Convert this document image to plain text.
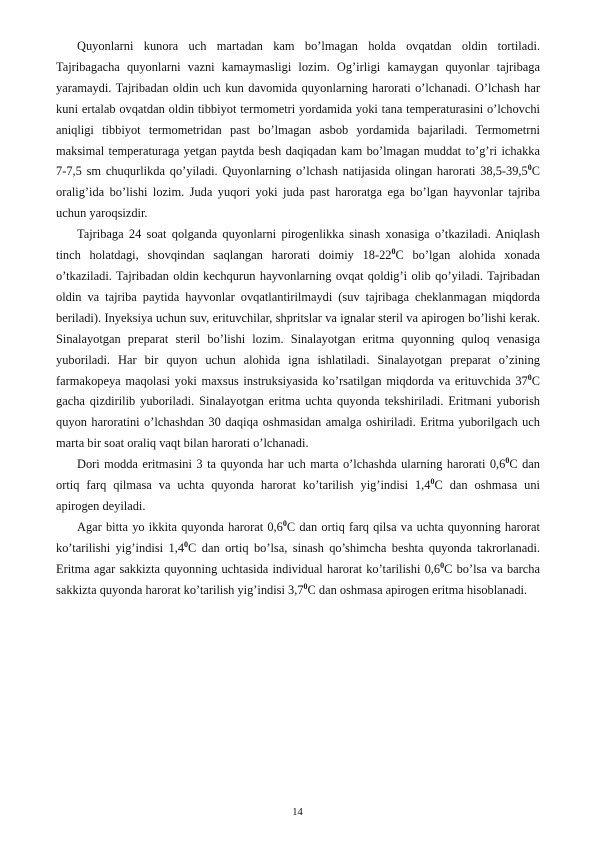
Quyonlarni kunora uch martadan kam bo’lmagan holda ovqatdan oldin tortiladi. Tajribagacha quyonlarni vazni kamaymasligi lozim. Og’irligi kamaygan quyonlar tajribaga yaramaydi. Tajribadan oldin uch kun davomida quyonlarning harorati o’lchanadi. O’lchash har kuni ertalab ovqatdan oldin tibbiyot termometri yordamida yoki tana temperaturasini o’lchovchi aniqligi tibbiyot termometridan past bo’lmagan asbob yordamida bajariladi. Termometrni maksimal temperaturaga yetgan paytda besh daqiqadan kam bo’lmagan muddat to’g’ri ichakka 7-7,5 sm chuqurlikda qo’yiladi. Quyonlarning o’lchash natijasida olingan harorati 38,5-39,5$^0$C oralig’ida bo’lishi lozim. Juda yuqori yoki juda past haroratga ega bo’lgan hayvonlar tajriba uchun yaroqsizdir.

Tajribaga 24 soat qolganda quyonlarni pirogenlikka sinash xonasiga o’tkaziladi. Aniqlash tinch holatdagi, shovqindan saqlangan harorati doimiy $18-22^0C$ bo’lgan alohida xonada o’tkaziladi. Tajribadan oldin kechqurun hayvonlarning ovqat qoldig’i olib qo’yiladi. Tajribadan oldin va tajriba paytida hayvonlar ovqatlantirilmaydi (suv tajribaga cheklanmagan miqdorda beriladi). Inyeksiya uchun suv, erituvchilar, shpritslar va ignalar steril va apirogen bo’lishi kerak. Sinalayotgan preparat steril bo’lishi lozim. Sinalayotgan eritma quyonning quloq venasiga yuboriladi. Har bir quyon uchun alohida igna ishlatiladi. Sinalayotgan preparat o’zining farmakopeya maqolasi yoki maxsus instruksiyasida ko’rsatilgan miqdorda va erituvchida $37^0C$ gacha qizdirilib yuboriladi. Sinalayotgan eritma uchta quyonda tekshiriladi. Eritmani yuborish quyon haroratini o’lchashdan 30 daqiqa oshmasidan amalga oshiriladi. Eritma yuborilgach uch marta bir soat oraliq vaqt bilan harorati o’lchanadi.

Dori modda eritmasini 3 ta quyonda har uch marta o’lchashda ularning harorati $0,6^0C$ dan ortiq farq qilmasa va uchta quyonda harorat ko’tarilish yig’indisi $1,4^0C$ dan oshmasa uni apirogen deyiladi.

Agar bitta yo ikkita quyonda harorat $0,6^0C$ dan ortiq farq qilsa va uchta quyonning harorat ko’tarilishi yig’indisi $1,4^0C$ dan ortiq bo’lsa, sinash qo’shimcha beshta quyonda takrorlanadi. Eritma agar sakkizta quyonning uchtasida individual harorat ko’tarilishi $0,6^0C$ bo’lsa va barcha sakkizta quyonda harorat ko’tarilish yig’indisi $3,7^0C$ dan oshmasa apirogen eritma hisoblanadi.

14
